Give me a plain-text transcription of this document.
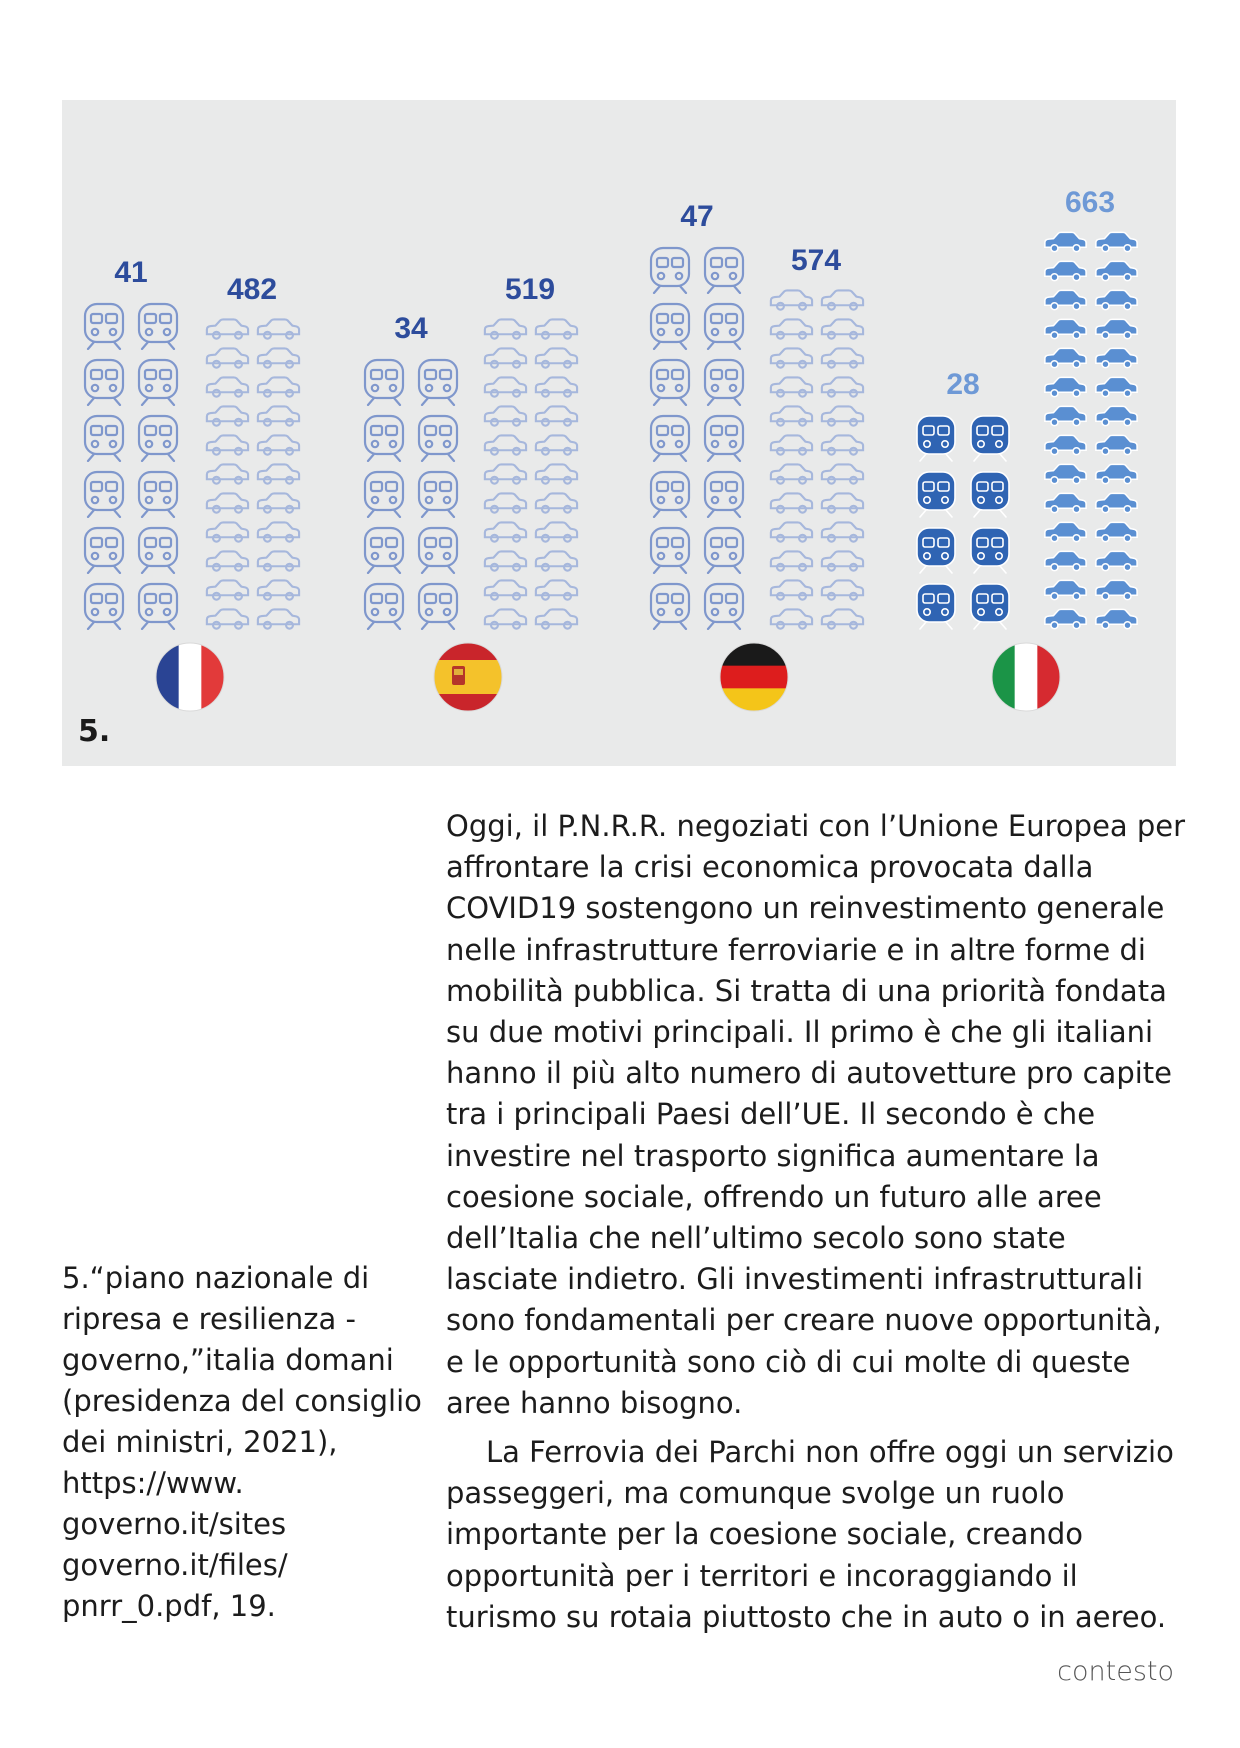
41
482
34
519
47
574
28
663
5.

5.“piano nazionale di ripresa e resilienza - governo,”italia domani (presidenza del consiglio dei ministri, 2021), https://www. governo.it/sites governo.it/files/ pnrr_0.pdf, 19.

Oggi, il P.N.R.R. negoziati con l’Unione Europea per affrontare la crisi economica provocata dalla COVID19 sostengono un reinvestimento generale nelle infrastrutture ferroviarie e in altre forme di mobilità pubblica. Si tratta di una priorità fondata su due motivi principali. Il primo è che gli italiani hanno il più alto numero di autovetture pro capite tra i principali Paesi dell’UE. Il secondo è che investire nel trasporto significa aumentare la coesione sociale, offrendo un futuro alle aree dell’Italia che nell’ultimo secolo sono state lasciate indietro. Gli investimenti infrastrutturali sono fondamentali per creare nuove opportunità, e le opportunità sono ciò di cui molte di queste aree hanno bisogno.

La Ferrovia dei Parchi non offre oggi un servizio passeggeri, ma comunque svolge un ruolo importante per la coesione sociale, creando opportunità per i territori e incoraggiando il turismo su rotaia piuttosto che in auto o in aereo.

contesto
